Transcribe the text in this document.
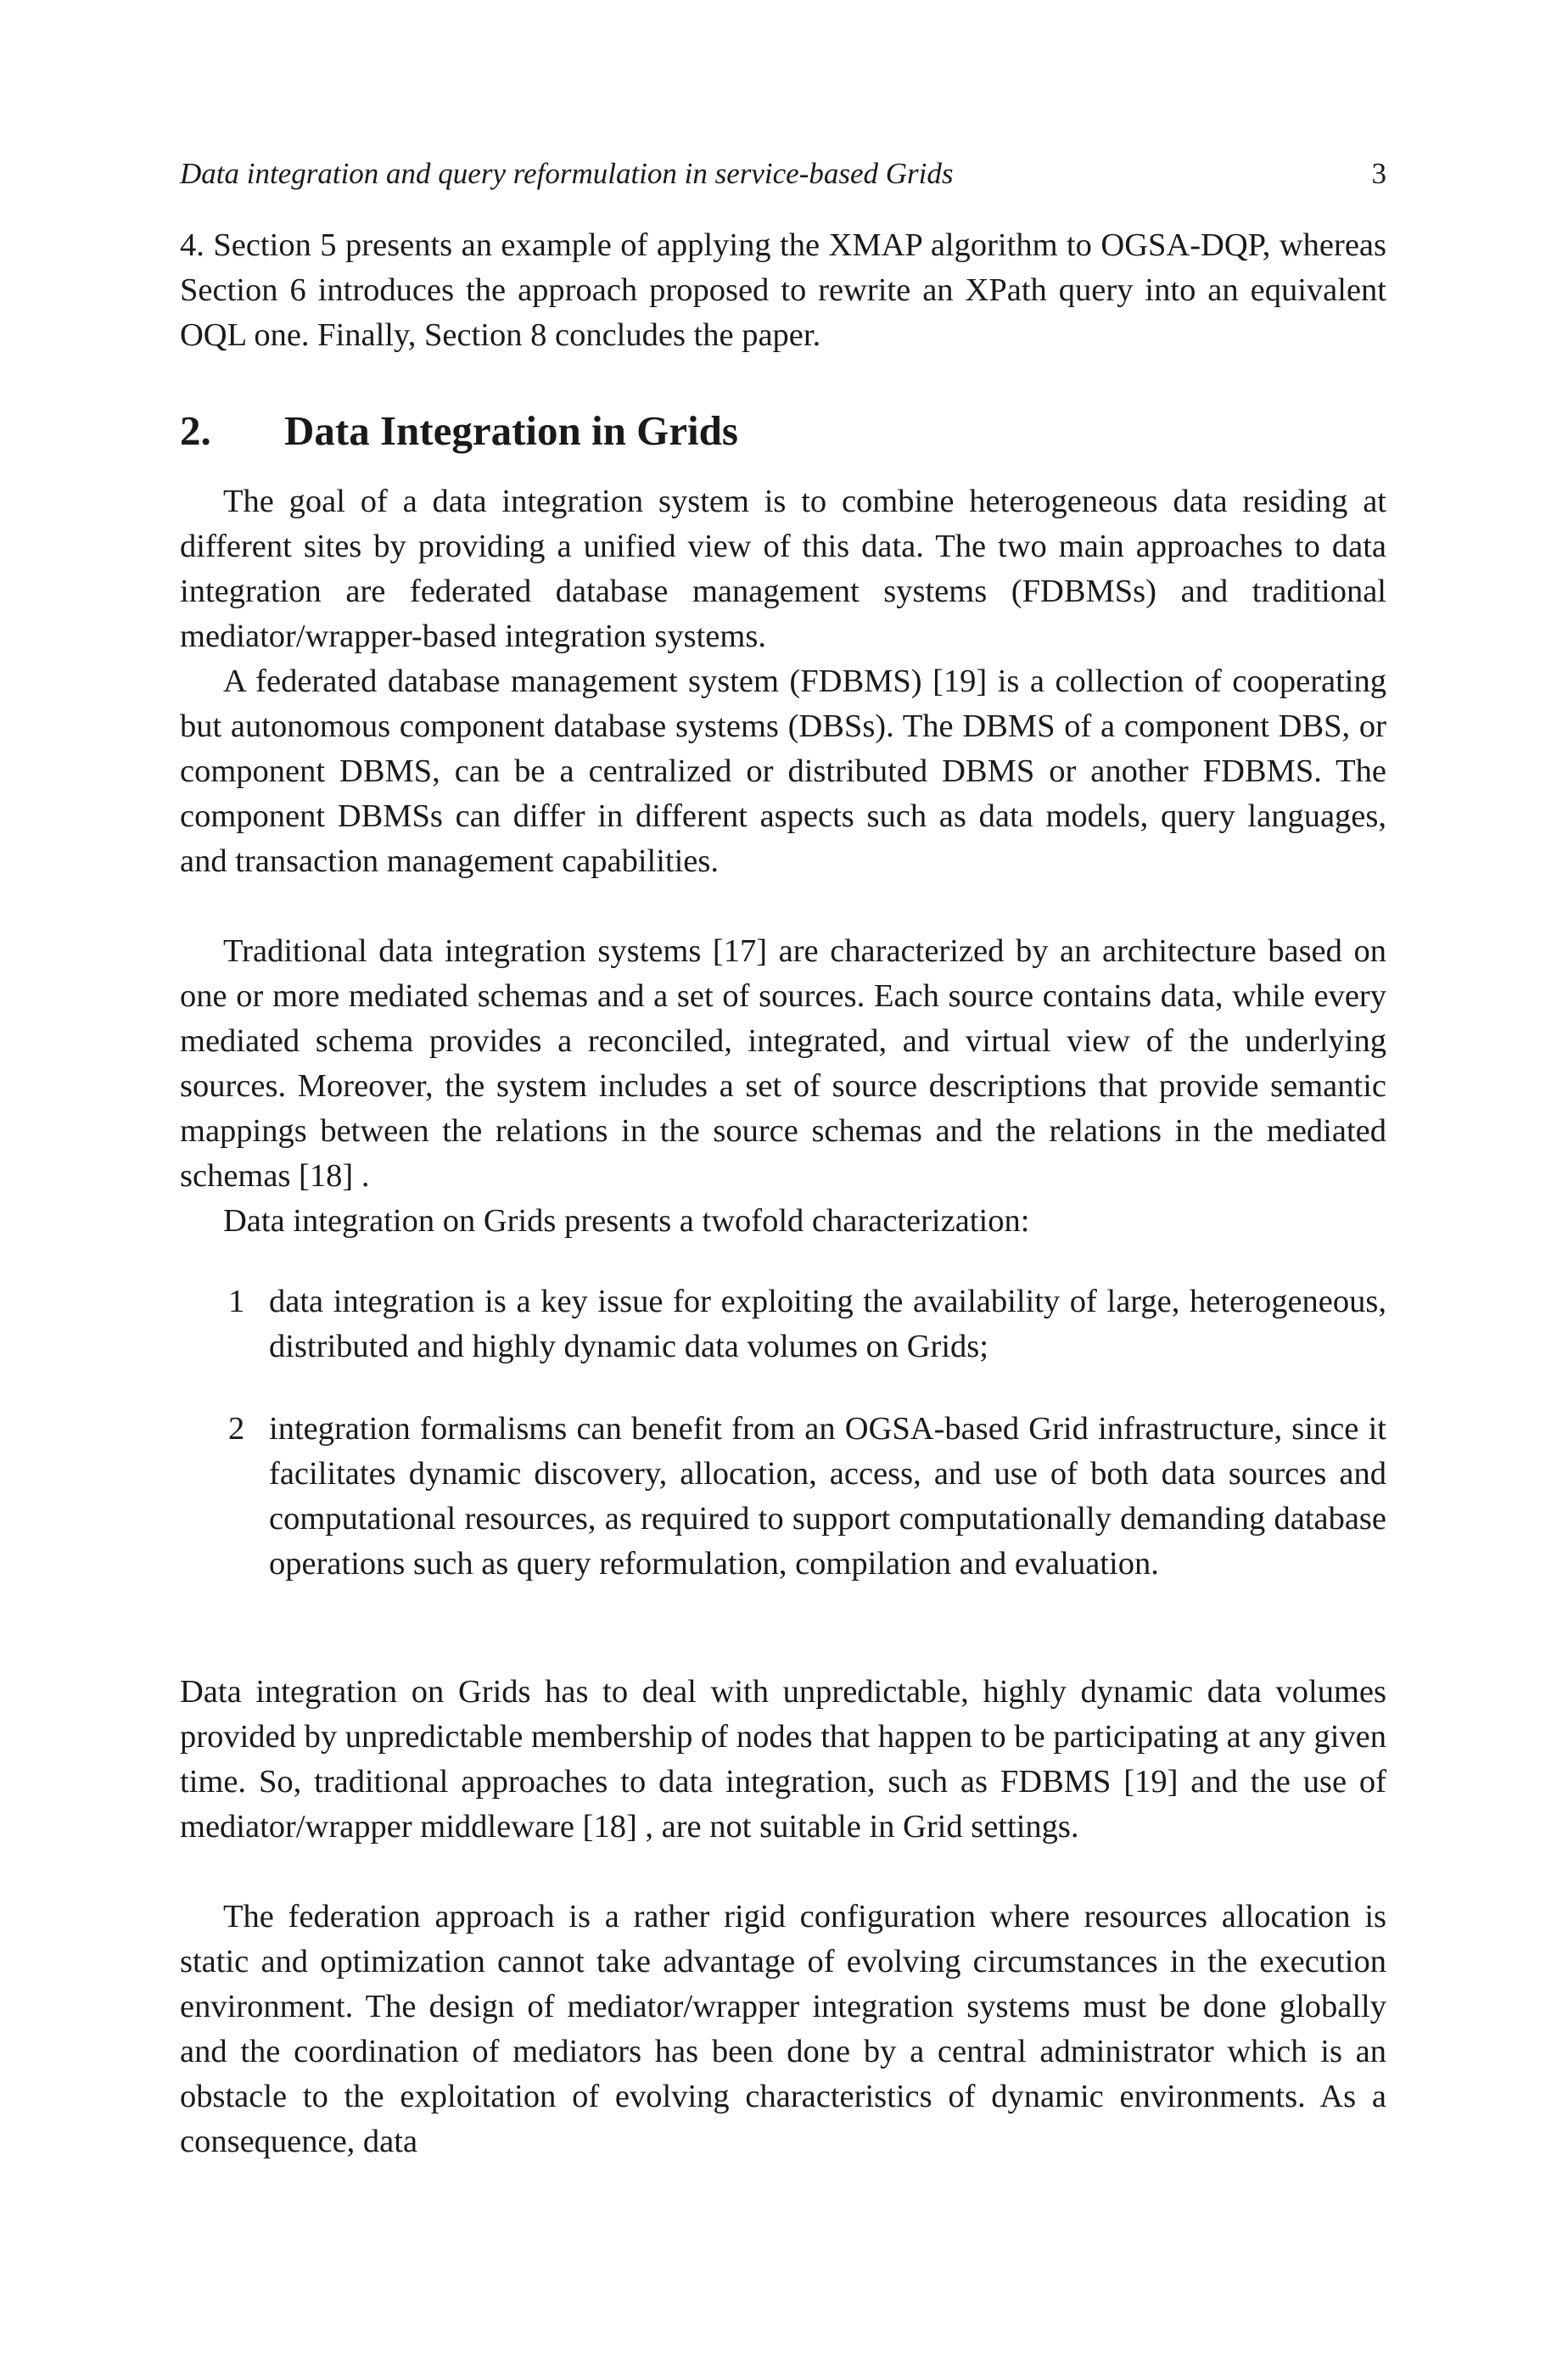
Data integration and query reformulation in service-based Grids	3

4. Section 5 presents an example of applying the XMAP algorithm to OGSA-DQP, whereas Section 6 introduces the approach proposed to rewrite an XPath query into an equivalent OQL one. Finally, Section 8 concludes the paper.

2. Data Integration in Grids

The goal of a data integration system is to combine heterogeneous data residing at different sites by providing a unified view of this data. The two main approaches to data integration are federated database management systems (FDBMSs) and traditional mediator/wrapper-based integration systems.

A federated database management system (FDBMS) [19] is a collection of cooperating but autonomous component database systems (DBSs). The DBMS of a component DBS, or component DBMS, can be a centralized or distributed DBMS or another FDBMS. The component DBMSs can differ in different aspects such as data models, query languages, and transaction management capabilities.

Traditional data integration systems [17] are characterized by an architecture based on one or more mediated schemas and a set of sources. Each source contains data, while every mediated schema provides a reconciled, integrated, and virtual view of the underlying sources. Moreover, the system includes a set of source descriptions that provide semantic mappings between the relations in the source schemas and the relations in the mediated schemas [18] .

Data integration on Grids presents a twofold characterization:

1 data integration is a key issue for exploiting the availability of large, heterogeneous, distributed and highly dynamic data volumes on Grids;
2 integration formalisms can benefit from an OGSA-based Grid infrastructure, since it facilitates dynamic discovery, allocation, access, and use of both data sources and computational resources, as required to support computationally demanding database operations such as query reformulation, compilation and evaluation.

Data integration on Grids has to deal with unpredictable, highly dynamic data volumes provided by unpredictable membership of nodes that happen to be participating at any given time. So, traditional approaches to data integration, such as FDBMS [19] and the use of mediator/wrapper middleware [18] , are not suitable in Grid settings.

The federation approach is a rather rigid configuration where resources allocation is static and optimization cannot take advantage of evolving circumstances in the execution environment. The design of mediator/wrapper integration systems must be done globally and the coordination of mediators has been done by a central administrator which is an obstacle to the exploitation of evolving characteristics of dynamic environments. As a consequence, data
